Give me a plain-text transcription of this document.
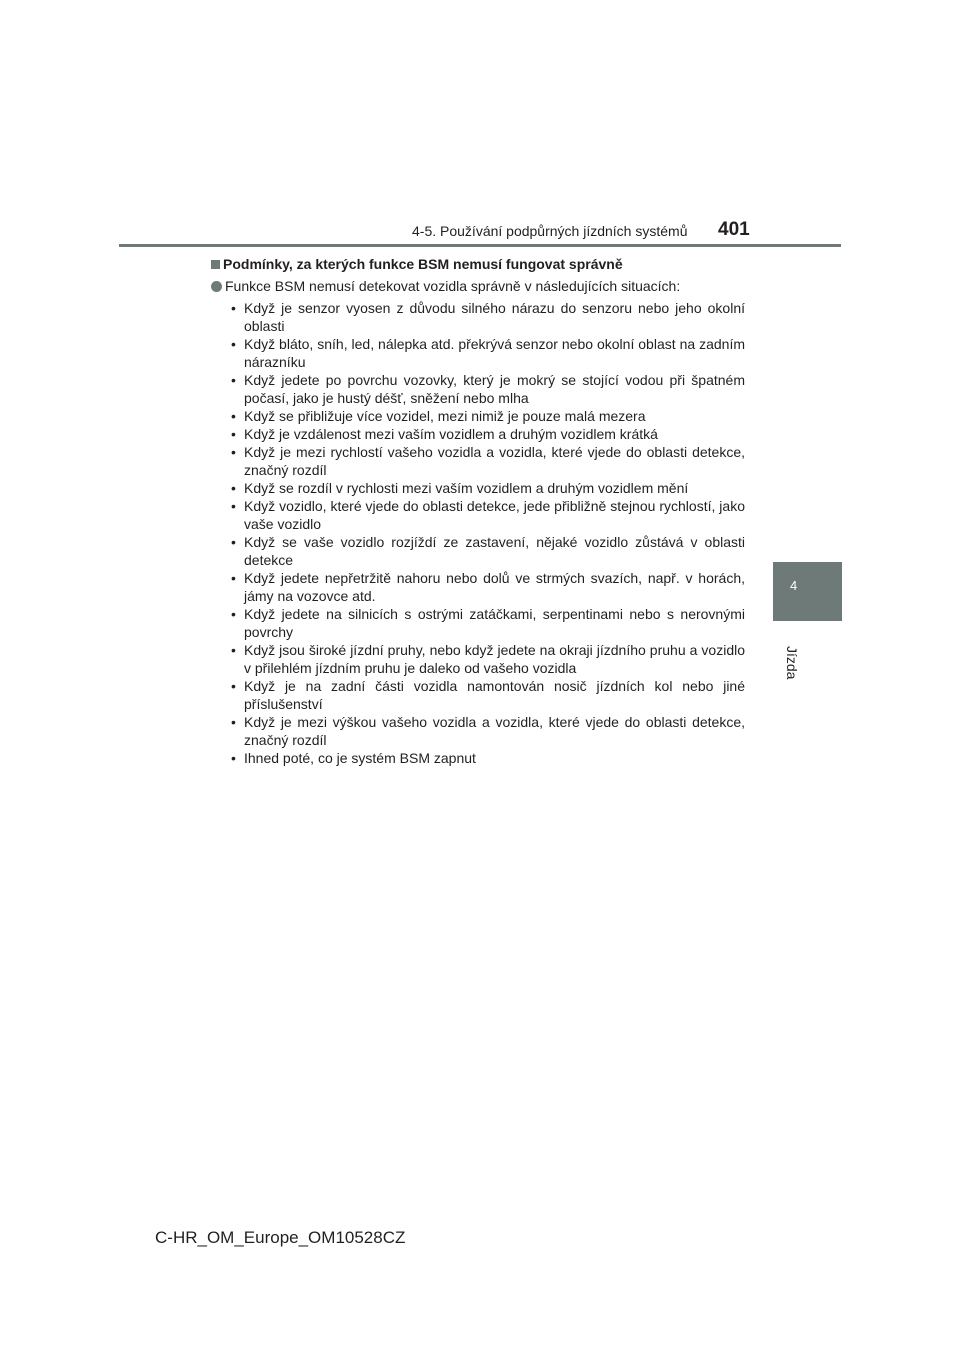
4-5. Používání podpůrných jízdních systémů 401
4
Jízda
Podmínky, za kterých funkce BSM nemusí fungovat správně
Funkce BSM nemusí detekovat vozidla správně v následujících situacích:
• Když je senzor vyosen z důvodu silného nárazu do senzoru nebo jeho okolní oblasti
• Když bláto, sníh, led, nálepka atd. překrývá senzor nebo okolní oblast na zadním nárazníku
• Když jedete po povrchu vozovky, který je mokrý se stojící vodou při špatném počasí, jako je hustý déšť, sněžení nebo mlha
• Když se přibližuje více vozidel, mezi nimiž je pouze malá mezera
• Když je vzdálenost mezi vaším vozidlem a druhým vozidlem krátká
• Když je mezi rychlostí vašeho vozidla a vozidla, které vjede do oblasti detekce, značný rozdíl
• Když se rozdíl v rychlosti mezi vaším vozidlem a druhým vozidlem mění
• Když vozidlo, které vjede do oblasti detekce, jede přibližně stejnou rychlostí, jako vaše vozidlo
• Když se vaše vozidlo rozjíždí ze zastavení, nějaké vozidlo zůstává v oblasti detekce
• Když jedete nepřetržitě nahoru nebo dolů ve strmých svazích, např. v horách, jámy na vozovce atd.
• Když jedete na silnicích s ostrými zatáčkami, serpentinami nebo s nerovnými povrchy
• Když jsou široké jízdní pruhy, nebo když jedete na okraji jízdního pruhu a vozidlo v přilehlém jízdním pruhu je daleko od vašeho vozidla
• Když je na zadní části vozidla namontován nosič jízdních kol nebo jiné příslušenství
• Když je mezi výškou vašeho vozidla a vozidla, které vjede do oblasti detekce, značný rozdíl
• Ihned poté, co je systém BSM zapnut
C-HR_OM_Europe_OM10528CZ
